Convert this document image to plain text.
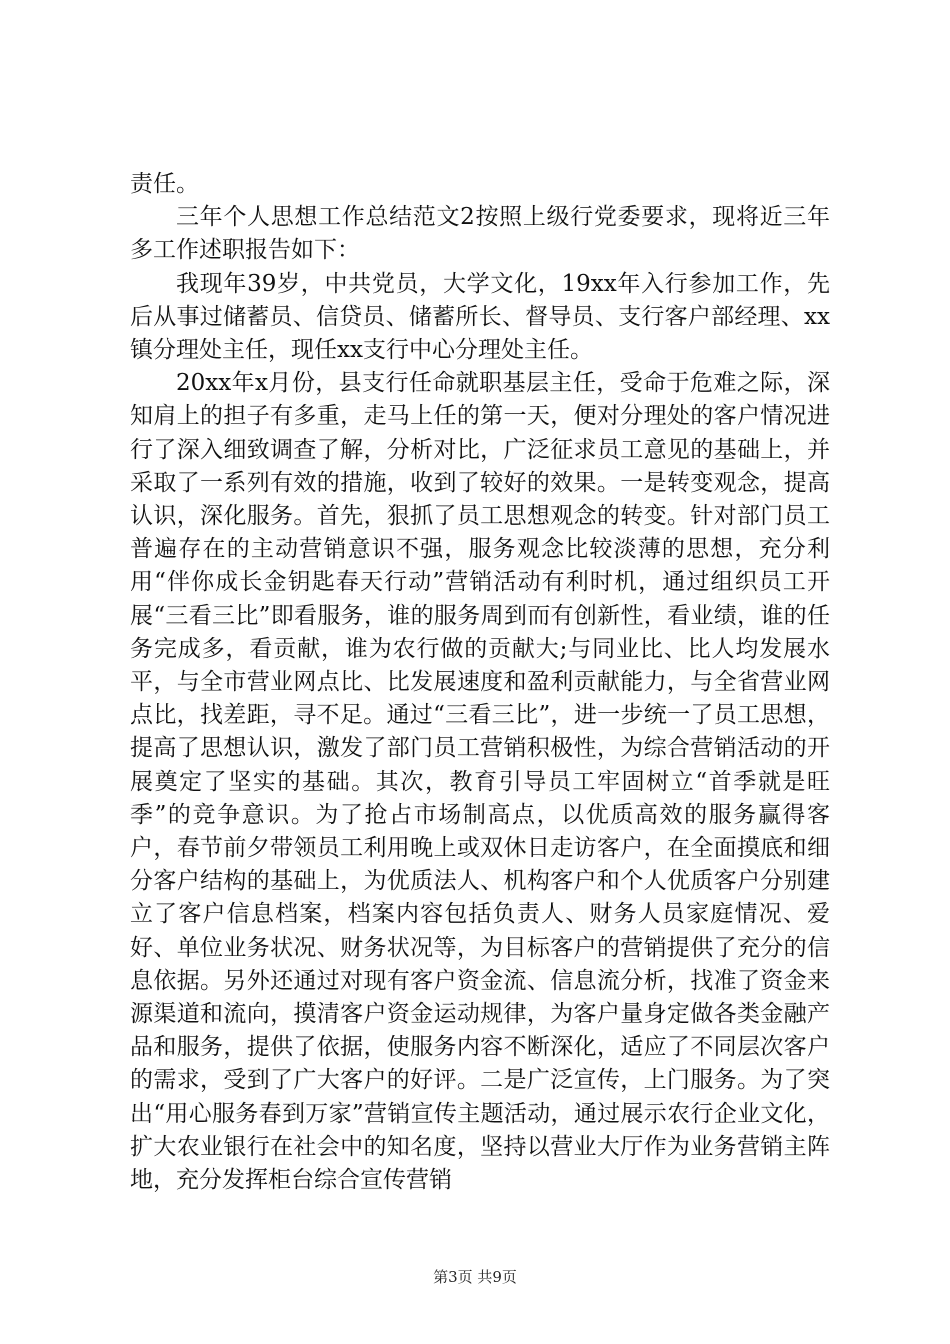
责任。

三年个人思想工作总结范文2按照上级行党委要求，现将近三年多工作述职报告如下：

我现年39岁，中共党员，大学文化，19xx年入行参加工作，先后从事过储蓄员、信贷员、储蓄所长、督导员、支行客户部经理、xx镇分理处主任，现任xx支行中心分理处主任。

20xx年x月份，县支行任命就职基层主任，受命于危难之际，深知肩上的担子有多重，走马上任的第一天，便对分理处的客户情况进行了深入细致调查了解，分析对比，广泛征求员工意见的基础上，并采取了一系列有效的措施，收到了较好的效果。一是转变观念，提高认识，深化服务。首先，狠抓了员工思想观念的转变。针对部门员工普遍存在的主动营销意识不强，服务观念比较淡薄的思想，充分利用“伴你成长金钥匙春天行动”营销活动有利时机，通过组织员工开展“三看三比”即看服务，谁的服务周到而有创新性，看业绩，谁的任务完成多，看贡献，谁为农行做的贡献大;与同业比、比人均发展水平，与全市营业网点比、比发展速度和盈利贡献能力，与全省营业网点比，找差距，寻不足。通过“三看三比”，进一步统一了员工思想，提高了思想认识，激发了部门员工营销积极性，为综合营销活动的开展奠定了坚实的基础。其次，教育引导员工牢固树立“首季就是旺季”的竞争意识。为了抢占市场制高点，以优质高效的服务赢得客户，春节前夕带领员工利用晚上或双休日走访客户，在全面摸底和细分客户结构的基础上，为优质法人、机构客户和个人优质客户分别建立了客户信息档案，档案内容包括负责人、财务人员家庭情况、爱好、单位业务状况、财务状况等，为目标客户的营销提供了充分的信息依据。另外还通过对现有客户资金流、信息流分析，找准了资金来源渠道和流向，摸清客户资金运动规律，为客户量身定做各类金融产品和服务，提供了依据，使服务内容不断深化，适应了不同层次客户的需求，受到了广大客户的好评。二是广泛宣传，上门服务。为了突出“用心服务春到万家”营销宣传主题活动，通过展示农行企业文化，扩大农业银行在社会中的知名度，坚持以营业大厅作为业务营销主阵地，充分发挥柜台综合宣传营销

第3页 共9页
